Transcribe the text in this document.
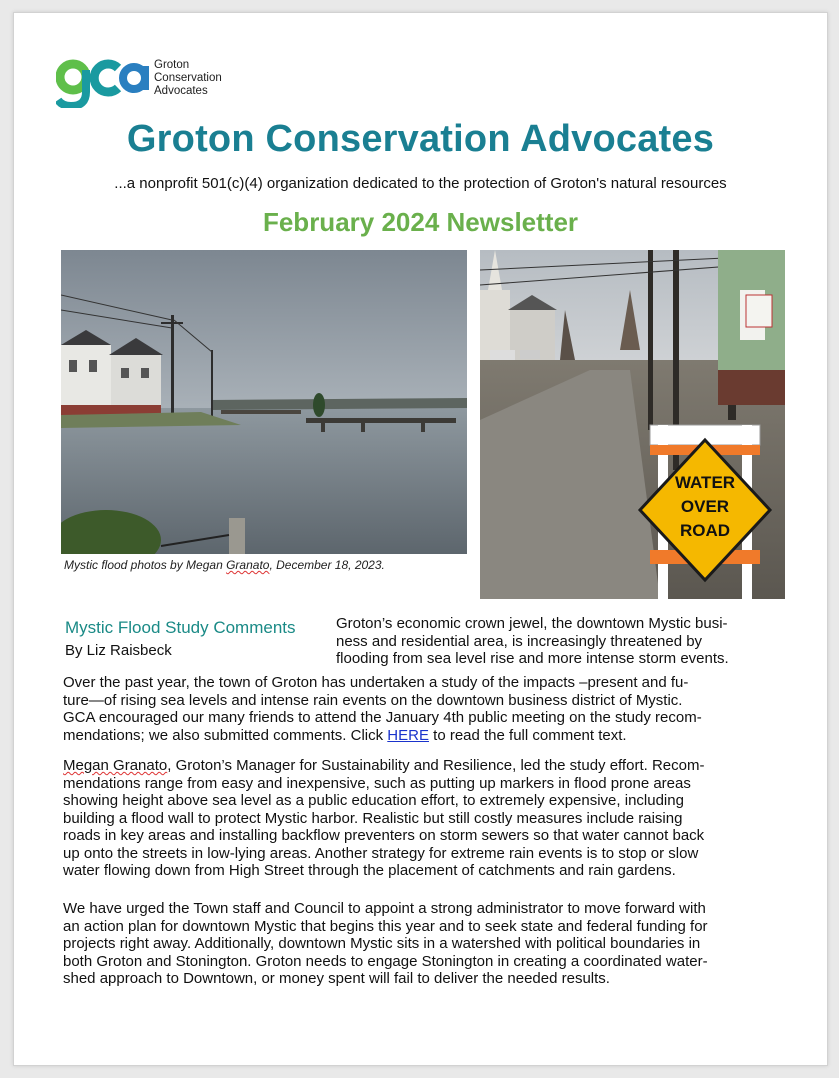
Groton
Conservation
Advocates
Groton Conservation Advocates
...a nonprofit 501(c)(4) organization dedicated to the protection of Groton's natural resources
February 2024 Newsletter
WATER
OVER
ROAD
Mystic flood photos by Megan Granato, December 18, 2023.
Mystic Flood Study Comments
By Liz Raisbeck
Groton’s economic crown jewel, the downtown Mystic busi-
ness and residential area, is increasingly threatened by
flooding from sea level rise and more intense storm events.
Over the past year, the town of Groton has undertaken a study of the impacts –present and fu-
ture—of rising sea levels and intense rain events on the downtown business district of Mystic.
GCA encouraged our many friends to attend the January 4th public meeting on the study recom-
mendations; we also submitted comments. Click HERE to read the full comment text.
Megan Granato, Groton’s Manager for Sustainability and Resilience, led the study effort. Recom-
mendations range from easy and inexpensive, such as putting up markers in flood prone areas
showing height above sea level as a public education effort, to extremely expensive, including
building a flood wall to protect Mystic harbor. Realistic but still costly measures include raising
roads in key areas and installing backflow preventers on storm sewers so that water cannot back
up onto the streets in low-lying areas. Another strategy for extreme rain events is to stop or slow
water flowing down from High Street through the placement of catchments and rain gardens.
We have urged the Town staff and Council to appoint a strong administrator to move forward with
an action plan for downtown Mystic that begins this year and to seek state and federal funding for
projects right away. Additionally, downtown Mystic sits in a watershed with political boundaries in
both Groton and Stonington. Groton needs to engage Stonington in creating a coordinated water-
shed approach to Downtown, or money spent will fail to deliver the needed results.
